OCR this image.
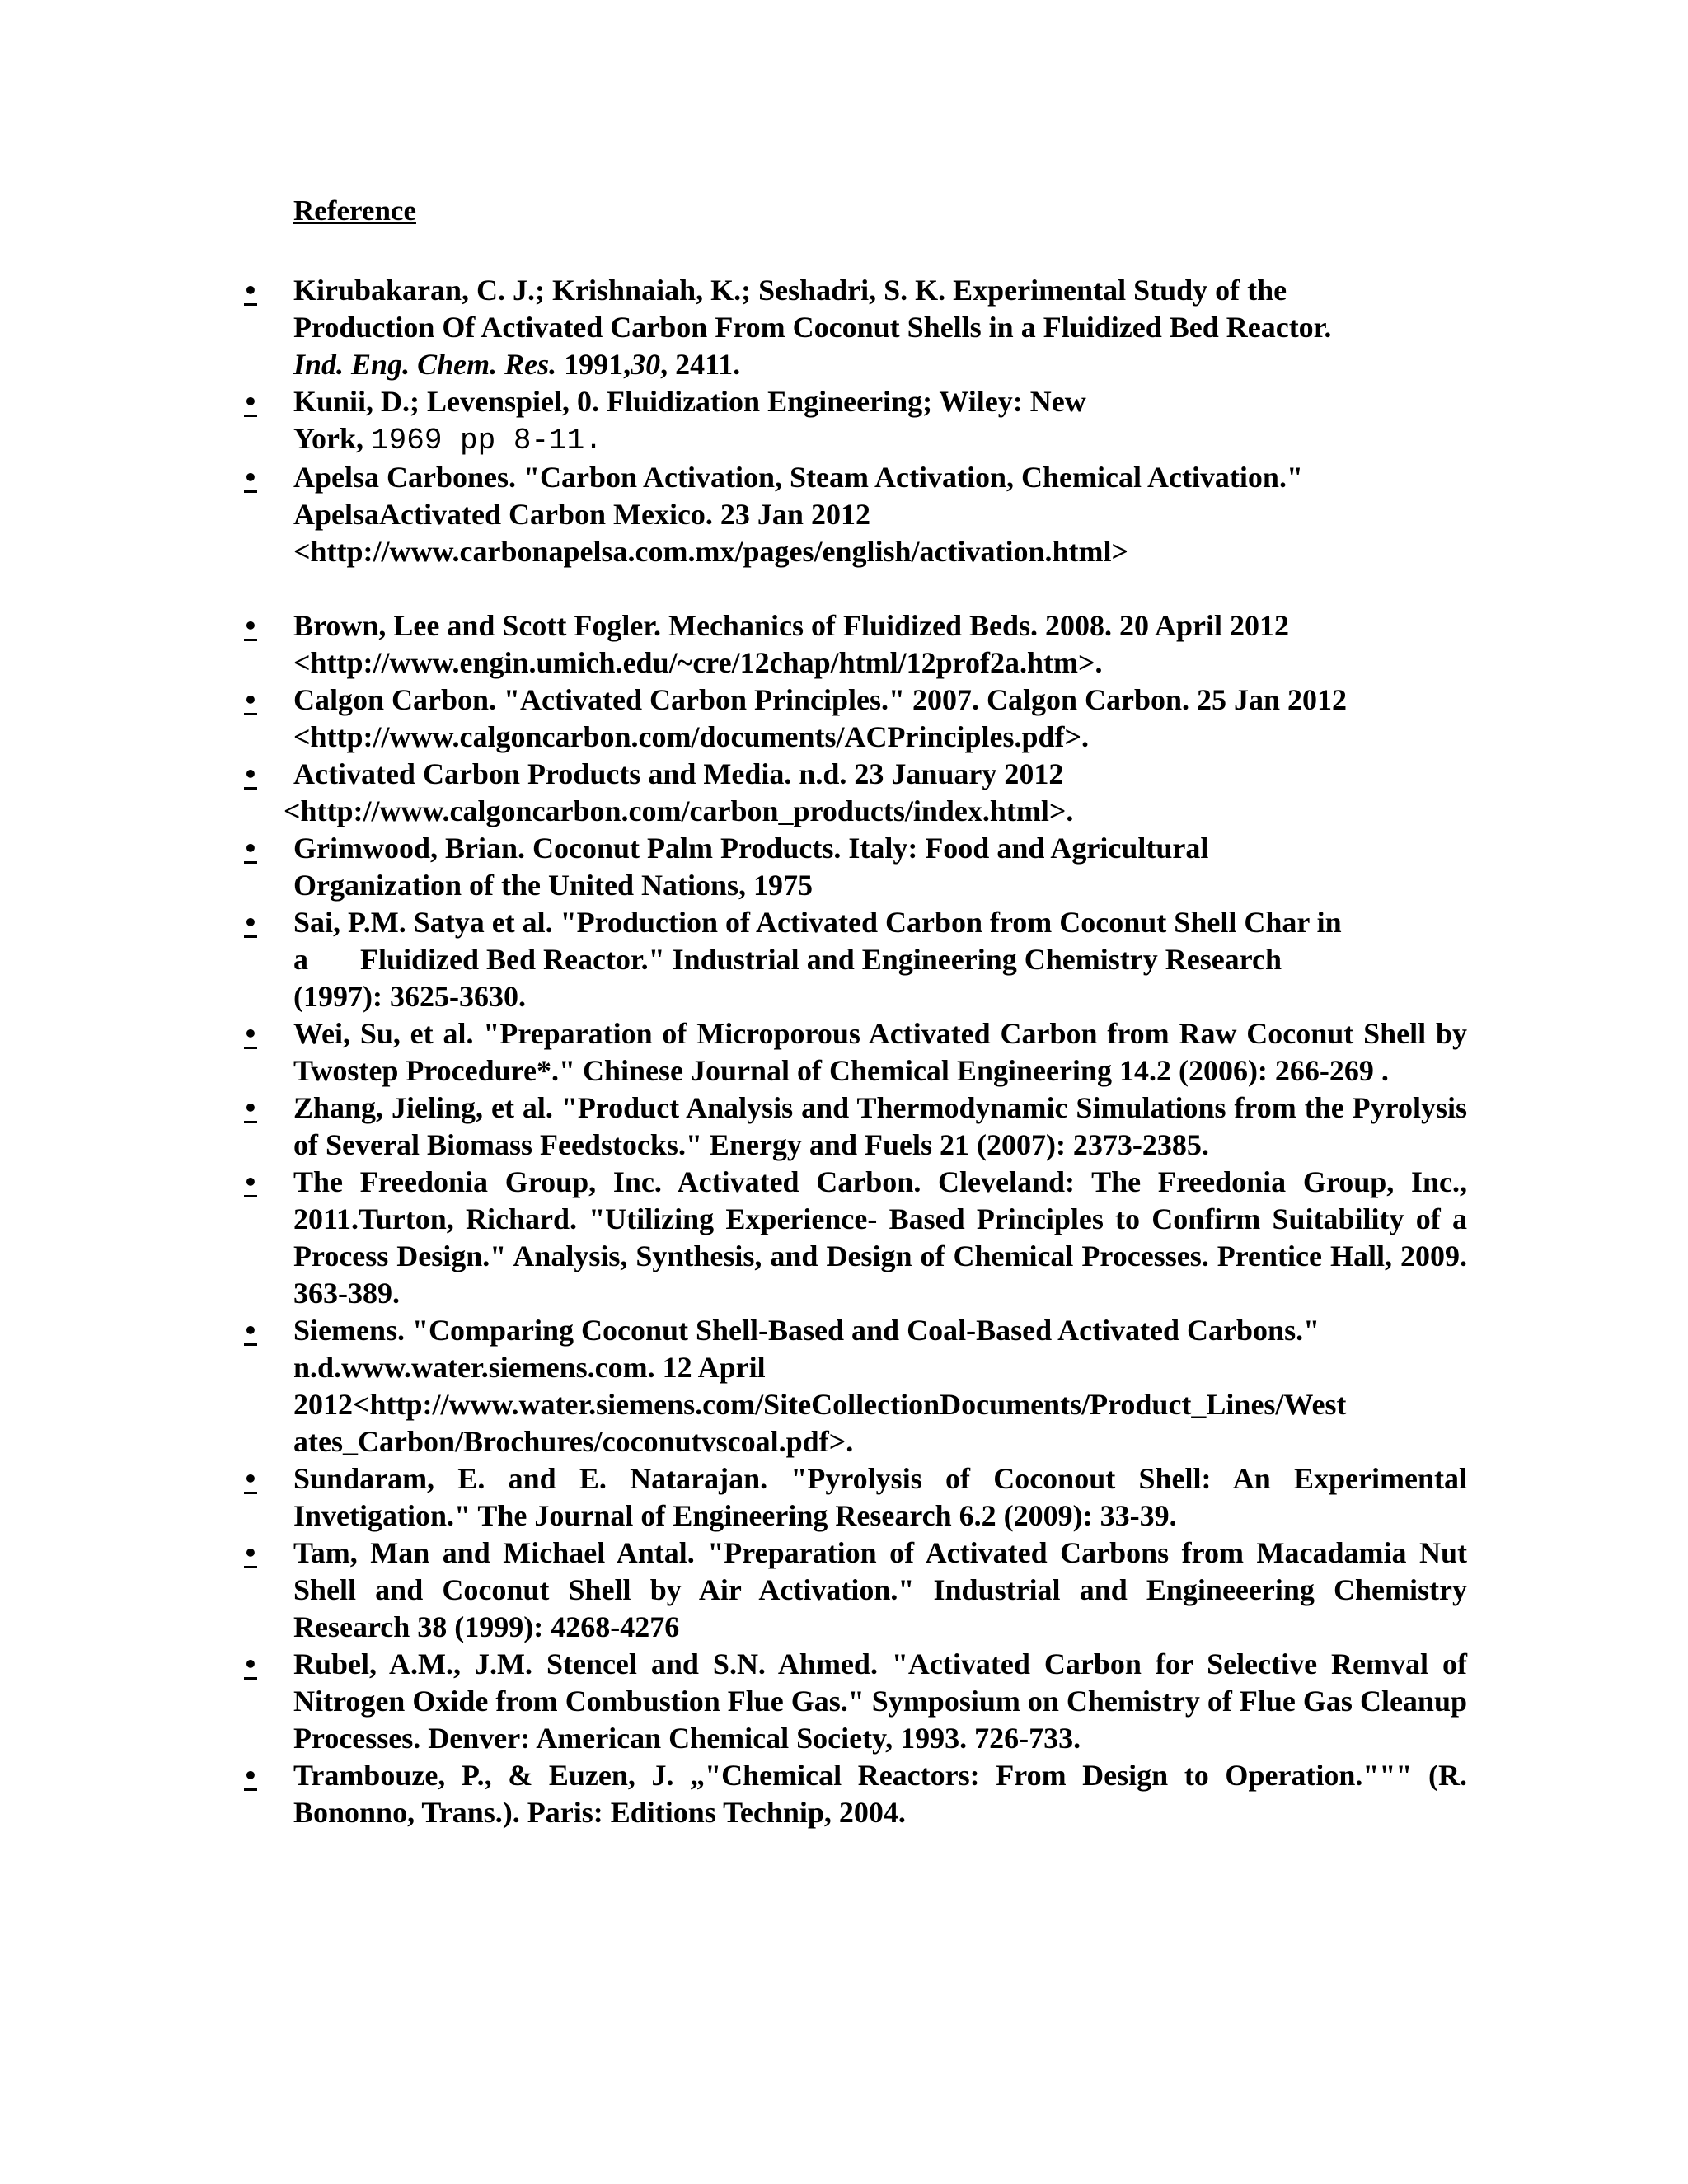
Reference
• Kirubakaran, C. J.; Krishnaiah, K.; Seshadri, S. K. Experimental Study of the

Production Of Activated Carbon From Coconut Shells in a Fluidized Bed Reactor.

Ind. Eng. Chem. Res. 1991,30, 2411.

• Kunii, D.; Levenspiel, 0. Fluidization Engineering; Wiley: New

York, 1969 pp 8-11.

• Apelsa Carbones. "Carbon Activation, Steam Activation, Chemical Activation."

ApelsaActivated Carbon Mexico. 23 Jan 2012

<http://www.carbonapelsa.com.mx/pages/english/activation.html>

• Brown, Lee and Scott Fogler. Mechanics of Fluidized Beds. 2008. 20 April 2012

<http://www.engin.umich.edu/~cre/12chap/html/12prof2a.htm>.

• Calgon Carbon. "Activated Carbon Principles." 2007. Calgon Carbon. 25 Jan 2012

<http://www.calgoncarbon.com/documents/ACPrinciples.pdf>.

• Activated Carbon Products and Media. n.d. 23 January 2012

<http://www.calgoncarbon.com/carbon_products/index.html>.

• Grimwood, Brian. Coconut Palm Products. Italy: Food and Agricultural

Organization of the United Nations, 1975

• Sai, P.M. Satya et al. "Production of Activated Carbon from Coconut Shell Char in

a       Fluidized Bed Reactor." Industrial and Engineering Chemistry Research

(1997): 3625-3630.

• Wei, Su, et al. "Preparation of Microporous Activated Carbon from Raw Coconut Shell by Twostep Procedure*." Chinese Journal of Chemical Engineering 14.2 (2006): 266-269 .

• Zhang, Jieling, et al. "Product Analysis and Thermodynamic Simulations from the Pyrolysis of Several Biomass Feedstocks." Energy and Fuels 21 (2007): 2373-2385.

• The Freedonia Group, Inc. Activated Carbon. Cleveland: The Freedonia Group, Inc., 2011.Turton, Richard. "Utilizing Experience- Based Principles to Confirm Suitability of a Process Design." Analysis, Synthesis, and Design of Chemical Processes. Prentice Hall, 2009. 363-389.

• Siemens. "Comparing Coconut Shell-Based and Coal-Based Activated Carbons."

n.d.www.water.siemens.com. 12 April

2012<http://www.water.siemens.com/SiteCollectionDocuments/Product_Lines/West

ates_Carbon/Brochures/coconutvscoal.pdf>.

• Sundaram, E. and E. Natarajan. "Pyrolysis of Coconout Shell: An Experimental Invetigation." The Journal of Engineering Research 6.2 (2009): 33-39.

• Tam, Man and Michael Antal. "Preparation of Activated Carbons from Macadamia Nut Shell and Coconut Shell by Air Activation." Industrial and Engineeering Chemistry Research 38 (1999): 4268-4276

• Rubel, A.M., J.M. Stencel and S.N. Ahmed. "Activated Carbon for Selective Remval of Nitrogen Oxide from Combustion Flue Gas." Symposium on Chemistry of Flue Gas Cleanup Processes. Denver: American Chemical Society, 1993. 726-733.

• Trambouze, P., & Euzen, J. „"Chemical Reactors: From Design to Operation.""" (R. Bononno, Trans.). Paris: Editions Technip, 2004.
